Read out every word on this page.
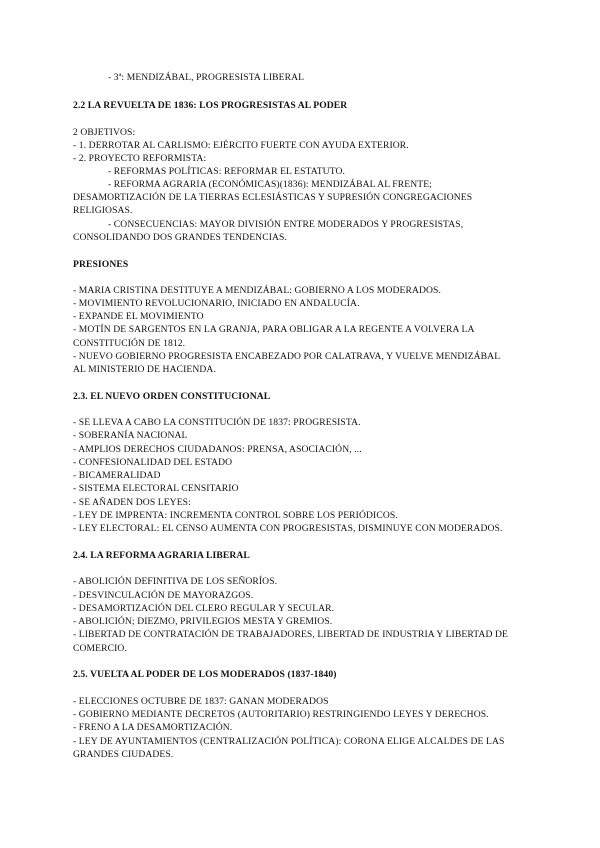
- 3ª: MENDIZÁBAL, PROGRESISTA LIBERAL
2.2 LA REVUELTA DE 1836: LOS PROGRESISTAS AL PODER
2 OBJETIVOS:
- 1. DERROTAR AL CARLISMO: EJÉRCITO FUERTE CON AYUDA EXTERIOR.
- 2. PROYECTO REFORMISTA:
- REFORMAS POLÍTICAS: REFORMAR EL ESTATUTO.
- REFORMA AGRARIA (ECONÓMICAS)(1836): MENDIZÁBAL AL FRENTE;
DESAMORTIZACIÓN DE LA TIERRAS ECLESIÁSTICAS Y SUPRESIÓN CONGREGACIONES
RELIGIOSAS.
- CONSECUENCIAS: MAYOR DIVISIÓN ENTRE MODERADOS Y PROGRESISTAS,
CONSOLIDANDO DOS GRANDES TENDENCIAS.
PRESIONES
- MARIA CRISTINA DESTITUYE A MENDIZÁBAL: GOBIERNO A LOS MODERADOS.
- MOVIMIENTO REVOLUCIONARIO, INICIADO EN ANDALUCÍA.
- EXPANDE EL MOVIMIENTO
- MOTÍN DE SARGENTOS EN LA GRANJA, PARA OBLIGAR A LA REGENTE A VOLVERA LA
CONSTITUCIÓN DE 1812.
- NUEVO GOBIERNO PROGRESISTA ENCABEZADO POR CALATRAVA, Y VUELVE MENDIZÁBAL
AL MINISTERIO DE HACIENDA.
2.3. EL NUEVO ORDEN CONSTITUCIONAL
- SE LLEVA A CABO LA CONSTITUCIÓN DE 1837: PROGRESISTA.
- SOBERANÍA NACIONAL
- AMPLIOS DERECHOS CIUDADANOS: PRENSA, ASOCIACIÓN, ...
- CONFESIONALIDAD DEL ESTADO
- BICAMERALIDAD
- SISTEMA ELECTORAL CENSITARIO
- SE AÑADEN DOS LEYES:
- LEY DE IMPRENTA: INCREMENTA CONTROL SOBRE LOS PERIÓDICOS.
- LEY ELECTORAL: EL CENSO AUMENTA CON PROGRESISTAS, DISMINUYE CON MODERADOS.
2.4. LA REFORMA AGRARIA LIBERAL
- ABOLICIÓN DEFINITIVA DE LOS SEÑORÍOS.
- DESVINCULACIÓN DE MAYORAZGOS.
- DESAMORTIZACIÓN DEL CLERO REGULAR Y SECULAR.
- ABOLICIÓN; DIEZMO, PRIVILEGIOS MESTA Y GREMIOS.
- LIBERTAD DE CONTRATACIÓN DE TRABAJADORES, LIBERTAD DE INDUSTRIA Y LIBERTAD DE
COMERCIO.
2.5. VUELTA AL PODER DE LOS MODERADOS (1837-1840)
- ELECCIONES OCTUBRE DE 1837: GANAN MODERADOS
- GOBIERNO MEDIANTE DECRETOS (AUTORITARIO) RESTRINGIENDO LEYES Y DERECHOS.
- FRENO A LA DESAMORTIZACIÓN.
- LEY DE AYUNTAMIENTOS (CENTRALIZACIÓN POLÍTICA): CORONA ELIGE ALCALDES DE LAS
GRANDES CIUDADES.
